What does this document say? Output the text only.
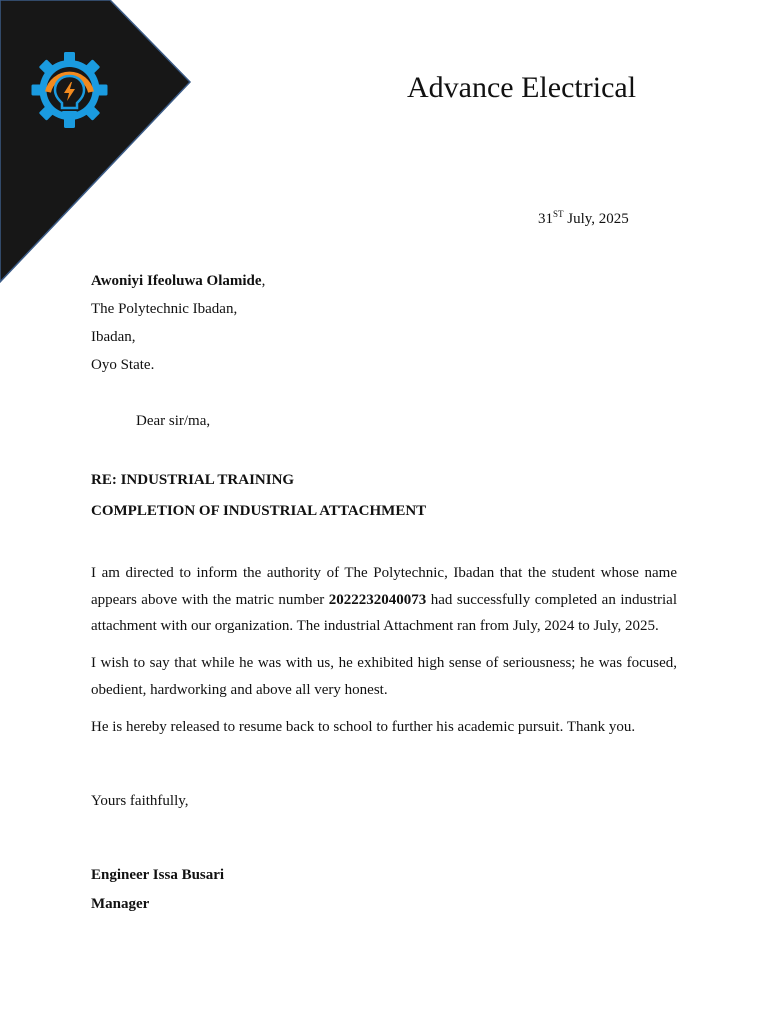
Advance Electrical
31ST July, 2025
Awoniyi Ifeoluwa Olamide,
The Polytechnic Ibadan,
Ibadan,
Oyo State.
Dear sir/ma,
RE: INDUSTRIAL TRAINING
COMPLETION OF INDUSTRIAL ATTACHMENT
I am directed to inform the authority of The Polytechnic, Ibadan that the student whose name appears above with the matric number 2022232040073 had successfully completed an industrial attachment with our organization. The industrial Attachment ran from July, 2024 to July, 2025.
I wish to say that while he was with us, he exhibited high sense of seriousness; he was focused, obedient, hardworking and above all very honest.
He is hereby released to resume back to school to further his academic pursuit. Thank you.
Yours faithfully,
Engineer Issa Busari
Manager
